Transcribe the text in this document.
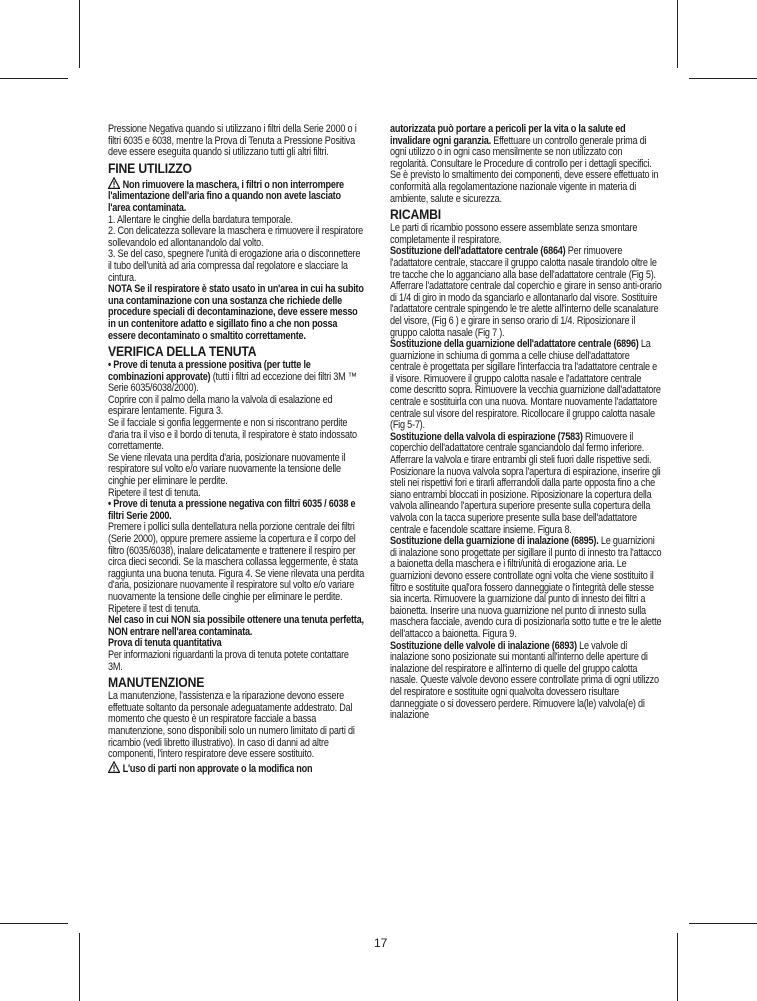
Pressione Negativa quando si utilizzano i filtri della Serie 2000 o i filtri 6035 e 6038, mentre la Prova di Tenuta a Pressione Positiva deve essere eseguita quando si utilizzano tutti gli altri filtri.

FINE UTILIZZO

Non rimuovere la maschera, i filtri o non interrompere l'alimentazione dell'aria fino a quando non avete lasciato l'area contaminata.

1. Allentare le cinghie della bardatura temporale.

2. Con delicatezza sollevare la maschera e rimuovere il respiratore sollevandolo ed allontanandolo dal volto.

3. Se del caso, spegnere l'unità di erogazione aria o disconnettere il tubo dell'unità ad aria compressa dal regolatore e slacciare la cintura.

NOTA Se il respiratore è stato usato in un'area in cui ha subito una contaminazione con una sostanza che richiede delle procedure speciali di decontaminazione, deve essere messo in un contenitore adatto e sigillato fino a che non possa essere decontaminato o smaltito correttamente.

VERIFICA DELLA TENUTA

• Prove di tenuta a pressione positiva (per tutte le combinazioni approvate) (tutti i filtri ad eccezione dei filtri 3M ™ Serie 6035/6038/2000).

Coprire con il palmo della mano la valvola di esalazione ed espirare lentamente. Figura 3.

Se il facciale si gonfia leggermente e non si riscontrano perdite d'aria tra il viso e il bordo di tenuta, il respiratore è stato indossato correttamente.

Se viene rilevata una perdita d'aria, posizionare nuovamente il respiratore sul volto e/o variare nuovamente la tensione delle cinghie per eliminare le perdite.

Ripetere il test di tenuta.

• Prove di tenuta a pressione negativa con filtri 6035 / 6038 e filtri Serie 2000.

Premere i pollici sulla dentellatura nella porzione centrale dei filtri (Serie 2000), oppure premere assieme la copertura e il corpo del filtro (6035/6038), inalare delicatamente e trattenere il respiro per circa dieci secondi. Se la maschera collassa leggermente, è stata raggiunta una buona tenuta. Figura 4. Se viene rilevata una perdita d'aria, posizionare nuovamente il respiratore sul volto e/o variare nuovamente la tensione delle cinghie per eliminare le perdite. Ripetere il test di tenuta.

Nel caso in cui NON sia possibile ottenere una tenuta perfetta, NON entrare nell'area contaminata.

Prova di tenuta quantitativa

Per informazioni riguardanti la prova di tenuta potete contattare 3M.

MANUTENZIONE

La manutenzione, l'assistenza e la riparazione devono essere effettuate soltanto da personale adeguatamente addestrato. Dal momento che questo è un respiratore facciale a bassa manutenzione, sono disponibili solo un numero limitato di parti di ricambio (vedi libretto illustrativo). In caso di danni ad altre componenti, l'intero respiratore deve essere sostituito.

L'uso di parti non approvate o la modifica non

autorizzata può portare a pericoli per la vita o la salute ed invalidare ogni garanzia. Effettuare un controllo generale prima di ogni utilizzo o in ogni caso mensilmente se non utilizzato con regolarità. Consultare le Procedure di controllo per i dettagli specifici. Se è previsto lo smaltimento dei componenti, deve essere effettuato in conformità alla regolamentazione nazionale vigente in materia di ambiente, salute e sicurezza.

RICAMBI

Le parti di ricambio possono essere assemblate senza smontare completamente il respiratore.

Sostituzione dell'adattatore centrale (6864) Per rimuovere l'adattatore centrale, staccare il gruppo calotta nasale tirandolo oltre le tre tacche che lo agganciano alla base dell'adattatore centrale (Fig 5). Afferrare l'adattatore centrale dal coperchio e girare in senso anti-orario di 1/4 di giro in modo da sganciarlo e allontanarlo dal visore. Sostituire l'adattatore centrale spingendo le tre alette all'interno delle scanalature del visore, (Fig 6 ) e girare in senso orario di 1/4. Riposizionare il gruppo calotta nasale (Fig 7 ).

Sostituzione della guarnizione dell'adattatore centrale (6896) La guarnizione in schiuma di gomma a celle chiuse dell'adattatore centrale è progettata per sigillare l'interfaccia tra l'adattatore centrale e il visore. Rimuovere il gruppo calotta nasale e l'adattatore centrale come descritto sopra. Rimuovere la vecchia guarnizione dall'adattatore centrale e sostituirla con una nuova. Montare nuovamente l'adattatore centrale sul visore del respiratore. Ricollocare il gruppo calotta nasale (Fig 5-7).

Sostituzione della valvola di espirazione (7583) Rimuovere il coperchio dell'adattatore centrale sganciandolo dal fermo inferiore. Afferrare la valvola e tirare entrambi gli steli fuori dalle rispettive sedi. Posizionare la nuova valvola sopra l'apertura di espirazione, inserire gli steli nei rispettivi fori e tirarli afferrandoli dalla parte opposta fino a che siano entrambi bloccati in posizione. Riposizionare la copertura della valvola allineando l'apertura superiore presente sulla copertura della valvola con la tacca superiore presente sulla base dell'adattatore centrale e facendole scattare insieme. Figura 8.

Sostituzione della guarnizione di inalazione (6895). Le guarnizioni di inalazione sono progettate per sigillare il punto di innesto tra l'attacco a baionetta della maschera e i filtri/unità di erogazione aria. Le guarnizioni devono essere controllate ogni volta che viene sostituito il filtro e sostituite qual'ora fossero danneggiate o l'integrità delle stesse sia incerta. Rimuovere la guarnizione dal punto di innesto dei filtri a baionetta. Inserire una nuova guarnizione nel punto di innesto sulla maschera facciale, avendo cura di posizionarla sotto tutte e tre le alette dell'attacco a baionetta. Figura 9.

Sostituzione delle valvole di inalazione (6893) Le valvole di inalazione sono posizionate sui montanti all'interno delle aperture di inalazione del respiratore e all'interno di quelle del gruppo calotta nasale. Queste valvole devono essere controllate prima di ogni utilizzo del respiratore e sostituite ogni qualvolta dovessero risultare danneggiate o si dovessero perdere. Rimuovere la(le) valvola(e) di inalazione

17
